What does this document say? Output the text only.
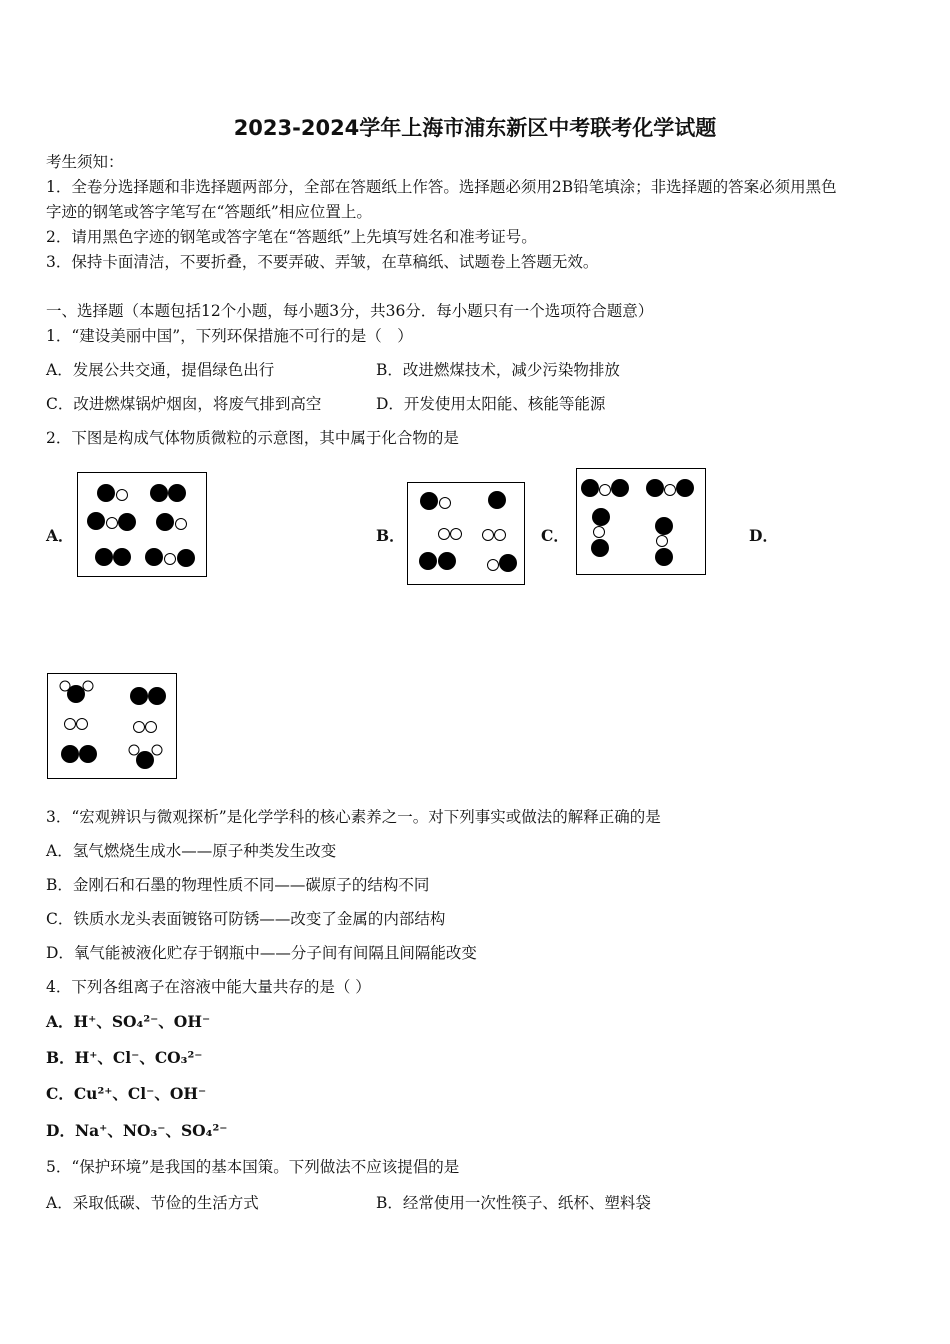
2023-2024学年上海市浦东新区中考联考化学试题
考生须知：
1．全卷分选择题和非选择题两部分，全部在答题纸上作答。选择题必须用2B铅笔填涂；非选择题的答案必须用黑色
字迹的钢笔或答字笔写在“答题纸”相应位置上。
2．请用黑色字迹的钢笔或答字笔在“答题纸”上先填写姓名和准考证号。
3．保持卡面清洁，不要折叠，不要弄破、弄皱，在草稿纸、试题卷上答题无效。
一、选择题（本题包括12个小题，每小题3分，共36分．每小题只有一个选项符合题意）
1．“建设美丽中国”，下列环保措施不可行的是（　）
A．发展公共交通，提倡绿色出行	B．改进燃煤技术，减少污染物排放
C．改进燃煤锅炉烟囱，将废气排到高空	D．开发使用太阳能、核能等能源
2．下图是构成气体物质微粒的示意图，其中属于化合物的是
A．	B．	C．	D．
3．“宏观辨识与微观探析”是化学学科的核心素养之一。对下列事实或做法的解释正确的是
A．氢气燃烧生成水——原子种类发生改变
B．金刚石和石墨的物理性质不同——碳原子的结构不同
C．铁质水龙头表面镀铬可防锈——改变了金属的内部结构
D．氧气能被液化贮存于钢瓶中——分子间有间隔且间隔能改变
4．下列各组离子在溶液中能大量共存的是（ ）
A．H⁺、SO₄²⁻、OH⁻
B．H⁺、Cl⁻、CO₃²⁻
C．Cu²⁺、Cl⁻、OH⁻
D．Na⁺、NO₃⁻、SO₄²⁻
5．“保护环境”是我国的基本国策。下列做法不应该提倡的是
A．采取低碳、节俭的生活方式	B．经常使用一次性筷子、纸杯、塑料袋
